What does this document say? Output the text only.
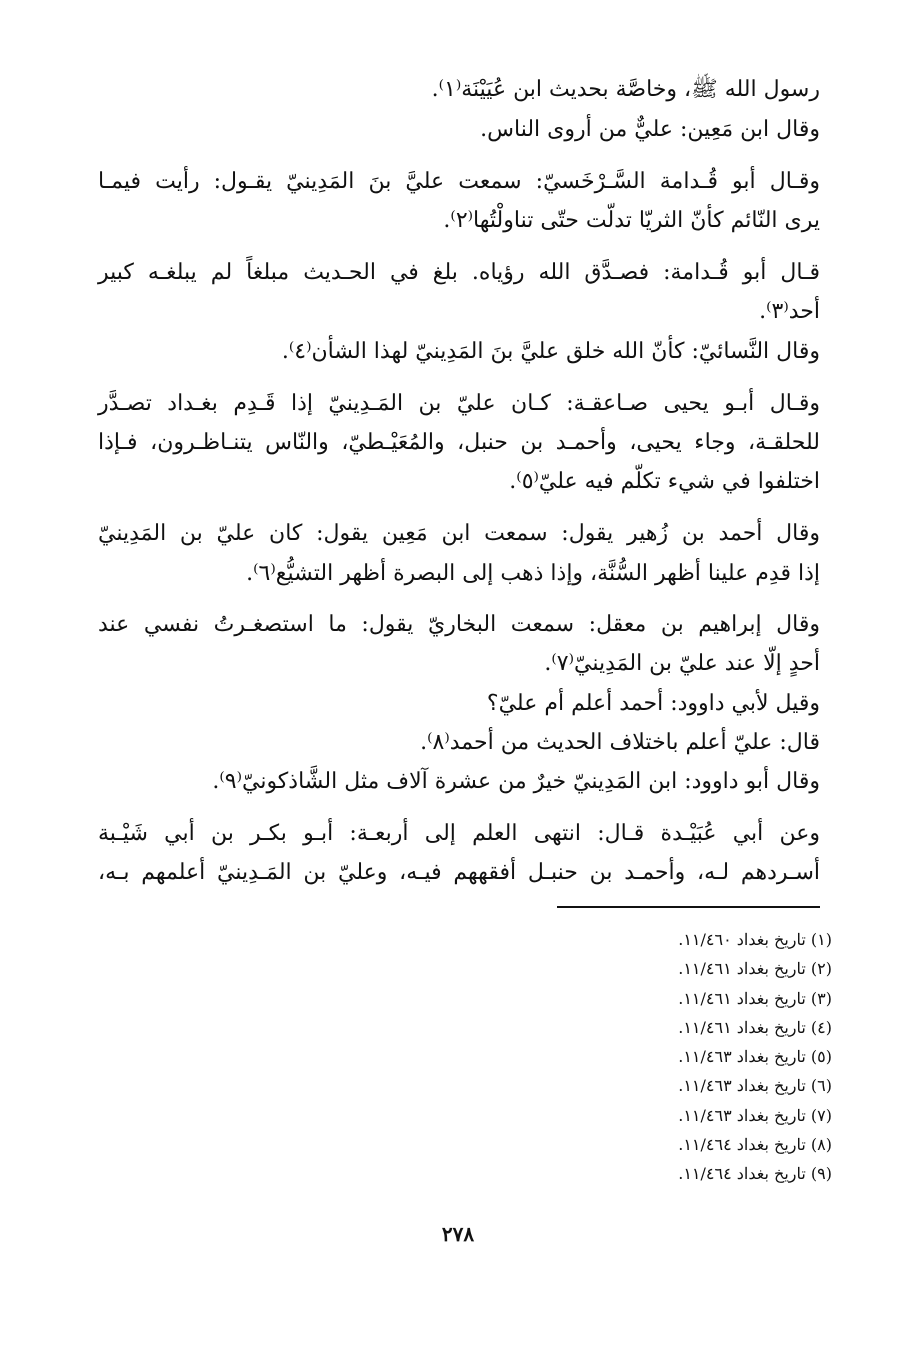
رسول الله ﷺ، وخاصَّة بحديث ابن عُيَيْنَة⁽١⁾.
وقال ابن مَعِين: عليٌّ من أروى الناس.
وقـال أبو قُـدامة السَّـرْخَسيّ: سمعت عليَّ بنَ المَدِينيّ يقـول: رأيت فيمـا
يرى النّائم كأنّ الثريّا تدلّت حتّى تناولْتُها⁽٢⁾.
قـال أبو قُـدامة: فصـدَّق الله رؤياه. بلغ في الحـديث مبلغاً لم يبلغـه كبير
أحد⁽٣⁾.
وقال النَّسائيّ: كأنّ الله خلق عليَّ بنَ المَدِينيّ لهذا الشأن⁽٤⁾.
وقـال أبـو يحيى صـاعقـة: كـان عليّ بن المَـدِينيّ إذا قَـدِم بغـداد تصـدَّر
للحلقـة، وجاء يحيى، وأحمـد بن حنبل، والمُعَيْـطيّ، والنّاس يتنـاظـرون، فـإذا
اختلفوا في شيء تكلّم فيه عليّ⁽٥⁾.
وقال أحمد بن زُهير يقول: سمعت ابن مَعِين يقول: كان عليّ بن المَدِينيّ
إذا قدِم علينا أظهر السُّنَّة، وإذا ذهب إلى البصرة أظهر التشيُّع⁽٦⁾.
وقال إبراهيم بن معقل: سمعت البخاريّ يقول: ما استصغـرتُ نفسي عند
أحدٍ إلّا عند عليّ بن المَدِينيّ⁽٧⁾.
وقيل لأبي داوود: أحمد أعلم أم عليّ؟
قال: عليّ أعلم باختلاف الحديث من أحمد⁽٨⁾.
وقال أبو داوود: ابن المَدِينيّ خيرٌ من عشرة آلاف مثل الشَّاذكونيّ⁽٩⁾.
وعن أبي عُبَيْـدة قـال: انتهى العلم إلى أربعـة: أبـو بكـر بن أبي شَيْـبة
أسـردهم لـه، وأحمـد بن حنبـل أفقههم فيـه، وعليّ بن المَـدِينيّ أعلمهم بـه،
(١) تاريخ بغداد ١١/٤٦٠.
(٢) تاريخ بغداد ١١/٤٦١.
(٣) تاريخ بغداد ١١/٤٦١.
(٤) تاريخ بغداد ١١/٤٦١.
(٥) تاريخ بغداد ١١/٤٦٣.
(٦) تاريخ بغداد ١١/٤٦٣.
(٧) تاريخ بغداد ١١/٤٦٣.
(٨) تاريخ بغداد ١١/٤٦٤.
(٩) تاريخ بغداد ١١/٤٦٤.
٢٧٨
